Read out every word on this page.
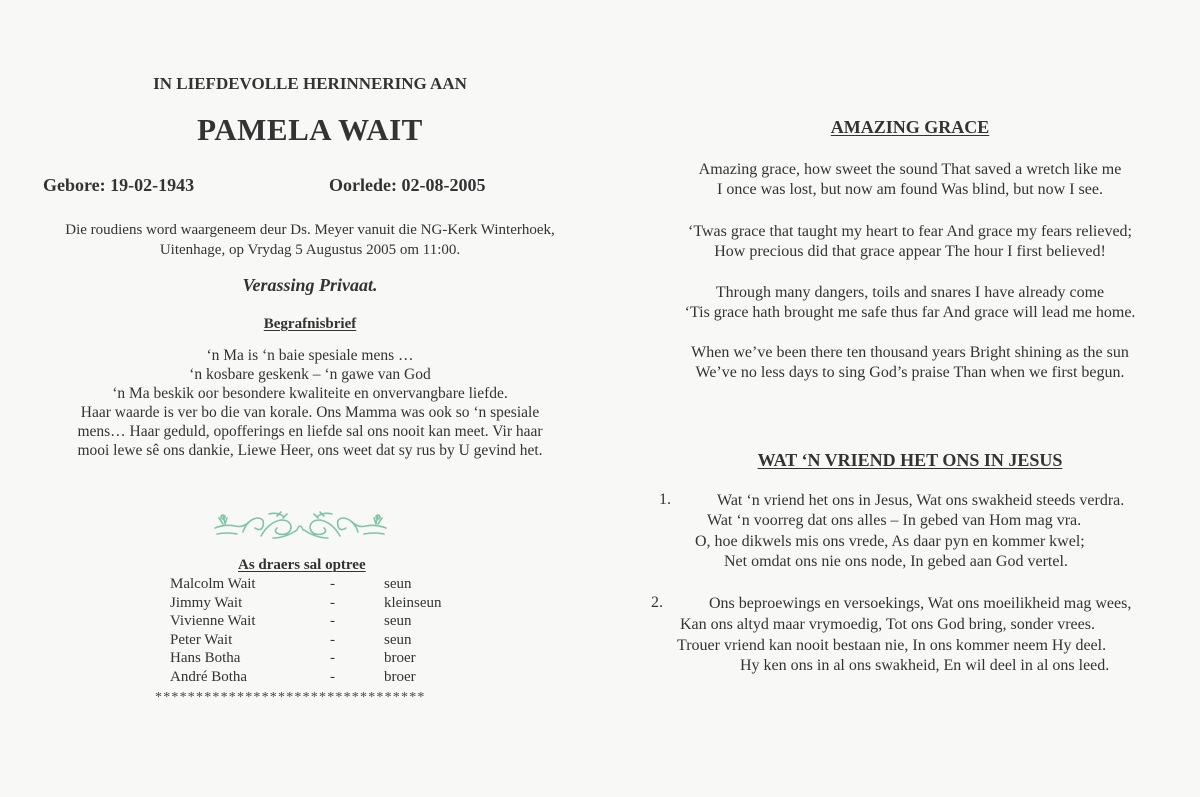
IN LIEFDEVOLLE HERINNERING AAN
PAMELA WAIT
Gebore: 19-02-1943	Oorlede: 02-08-2005
Die roudiens word waargeneem deur Ds. Meyer vanuit die NG-Kerk Winterhoek,
Uitenhage, op Vrydag 5 Augustus 2005 om 11:00.
Verassing Privaat.
Begrafnisbrief
‘n Ma is ‘n baie spesiale mens …
‘n kosbare geskenk – ‘n gawe van God
‘n Ma beskik oor besondere kwaliteite en onvervangbare liefde.
Haar waarde is ver bo die van korale. Ons Mamma was ook so ‘n spesiale
mens… Haar geduld, opofferings en liefde sal ons nooit kan meet. Vir haar
mooi lewe sê ons dankie, Liewe Heer, ons weet dat sy rus by U gevind het.
As draers sal optree
Malcolm Wait	-	seun
Jimmy Wait	-	kleinseun
Vivienne Wait	-	seun
Peter Wait	-	seun
Hans Botha	-	broer
André Botha	-	broer
*********************************
AMAZING GRACE
Amazing grace, how sweet the sound That saved a wretch like me
I once was lost, but now am found Was blind, but now I see.
‘Twas grace that taught my heart to fear And grace my fears relieved;
How precious did that grace appear The hour I first believed!
Through many dangers, toils and snares I have already come
‘Tis grace hath brought me safe thus far And grace will lead me home.
When we’ve been there ten thousand years Bright shining as the sun
We’ve no less days to sing God’s praise Than when we first begun.
WAT ‘N VRIEND HET ONS IN JESUS
1.	Wat ‘n vriend het ons in Jesus, Wat ons swakheid steeds verdra.
Wat ‘n voorreg dat ons alles – In gebed van Hom mag vra.
O, hoe dikwels mis ons vrede, As daar pyn en kommer kwel;
Net omdat ons nie ons node, In gebed aan God vertel.
2.	Ons beproewings en versoekings, Wat ons moeilikheid mag wees,
Kan ons altyd maar vrymoedig, Tot ons God bring, sonder vrees.
Trouer vriend kan nooit bestaan nie, In ons kommer neem Hy deel.
Hy ken ons in al ons swakheid, En wil deel in al ons leed.
